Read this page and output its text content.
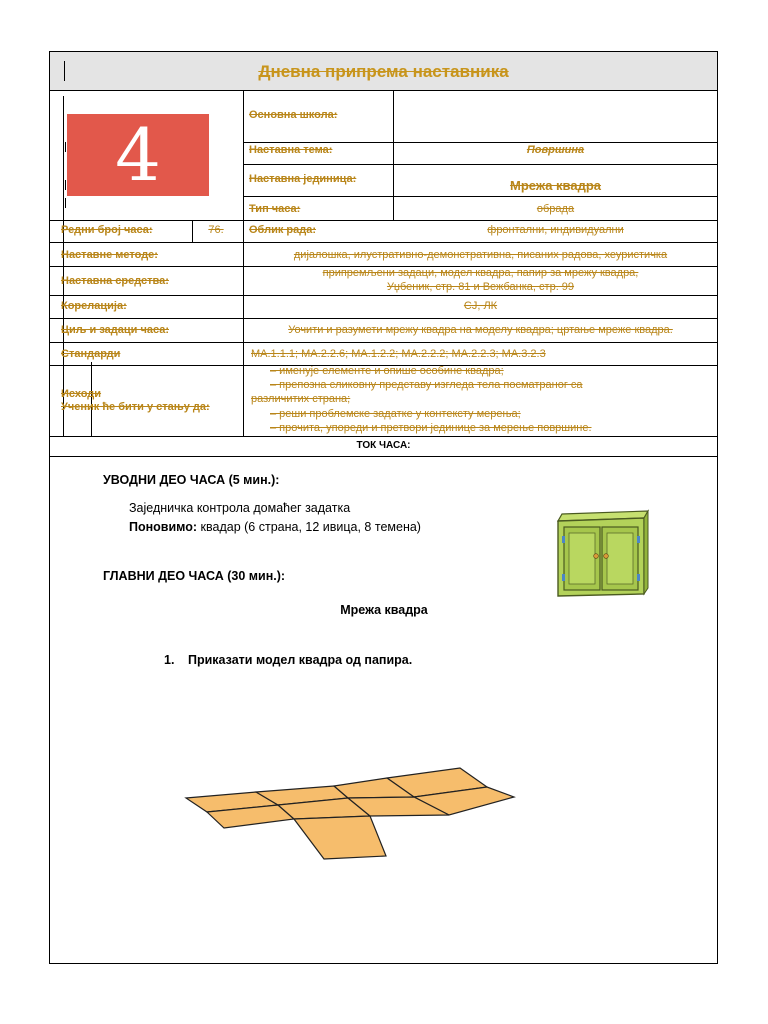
Дневна припрема наставника
4	Основна школа:
Наставна тема:	Површина
Наставна јединица:	Мрежа квадра
Тип часа:	обрада
Редни број часа:	76.	Облик рада:	фронтални, индивидуални
Наставне методе:	дијалошка, илустративно-демонстративна, писаних радова, хеуристичка
Наставна средства:
припремљени задаци, модел квадра, папир за мрежу квадра,
Уџбеник, стр. 81 и Вежбанка, стр. 99
Корелација:	СЈ, ЛК
Циљ и задаци часа:	Уочити и разумети мрежу квадра на моделу квадра; цртање мреже квадра.
Стандарди	МА.1.1.1; МА.2.2.6; МА.1.2.2; МА.2.2.2; МА.2.2.3; МА.3.2.3
Исходи
Ученик ће бити у стању да:
– именује елементе и опише особине квадра;
– препозна сликовну представу изгледа тела посматраног са
различитих страна;
– реши проблемске задатке у контексту мерења;
– прочита, упореди и претвори јединице за мерење површине.
ТОК ЧАСА:
УВОДНИ ДЕО ЧАСА (5 мин.):
Заједничка контрола домаћег задатка
Поновимо: квадар (6 страна, 12 ивица, 8 темена)
ГЛАВНИ ДЕО ЧАСА (30 мин.):
Мрежа квадра
1. Приказати модел квадра од папира.
